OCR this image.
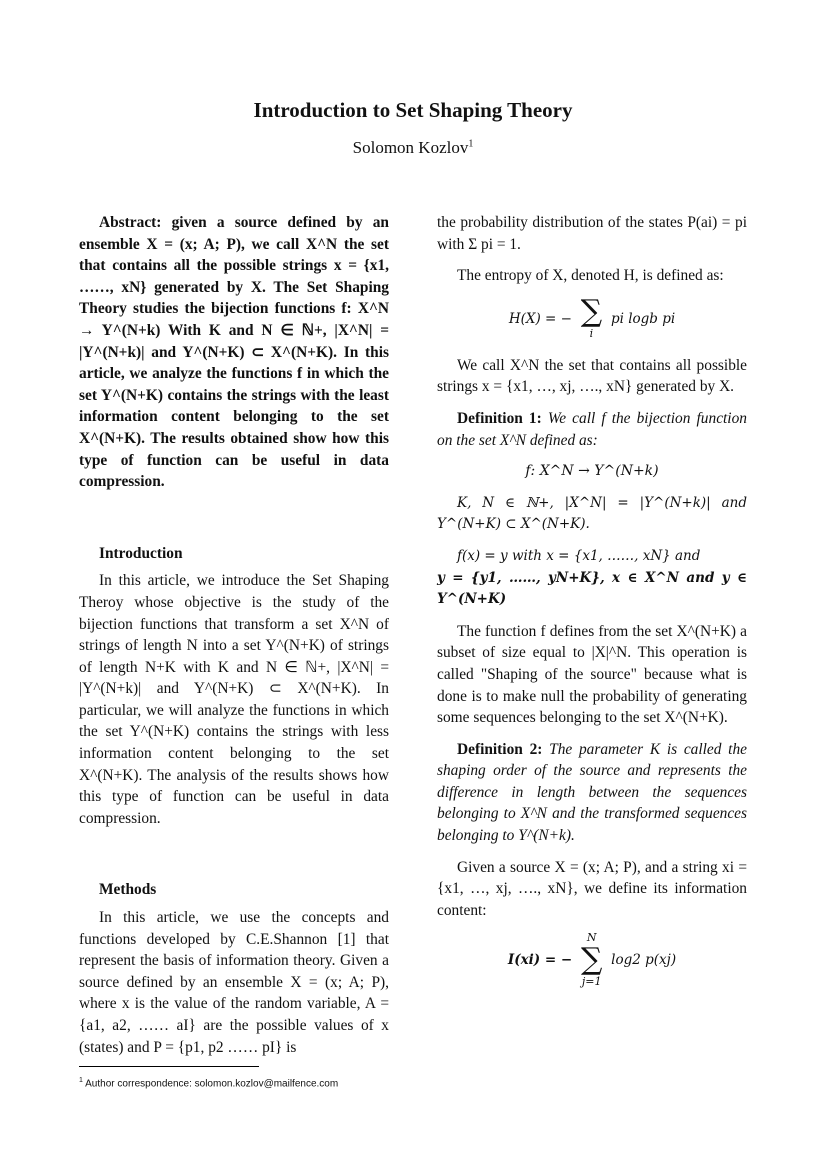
Introduction to Set Shaping Theory
Solomon Kozlov$^1$

Abstract: given a source defined by an ensemble X = (x; A; P), we call X^N the set that contains all the possible strings x = {x1, ……, xN} generated by X. The Set Shaping Theory studies the bijection functions f: X^N → Y^(N+k) With K and N ∈ ℕ+, |X^N| = |Y^(N+k)| and Y^(N+K) ⊂ X^(N+K). In this article, we analyze the functions f in which the set Y^(N+K) contains the strings with the least information content belonging to the set X^(N+K). The results obtained show how this type of function can be useful in data compression.

Introduction

In this article, we introduce the Set Shaping Theroy whose objective is the study of the bijection functions that transform a set X^N of strings of length N into a set Y^(N+K) of strings of length N+K with K and N ∈ ℕ+, |X^N| = |Y^(N+k)| and Y^(N+K) ⊂ X^(N+K). In particular, we will analyze the functions in which the set Y^(N+K) contains the strings with less information content belonging to the set X^(N+K). The analysis of the results shows how this type of function can be useful in data compression.

Methods

In this article, we use the concepts and functions developed by C.E.Shannon [1] that represent the basis of information theory. Given a source defined by an ensemble X = (x; A; P), where x is the value of the random variable, A = {a1, a2, …… aI} are the possible values of x (states) and P = {p1, p2 …… pI} is

the probability distribution of the states P(ai) = pi with Σ pi = 1.

The entropy of X, denoted H, is defined as:

H(X) = − ∑
i
pi logb pi

We call X^N the set that contains all possible strings x = {x1, …, xj, …., xN} generated by X.

Definition 1: We call f the bijection function on the set X^N defined as:

f: X^N → Y^(N+k)

K, N ∈ ℕ+, |X^N| = |Y^(N+k)| and Y^(N+K) ⊂ X^(N+K).

f(x) = y with x = {x1, ……, xN} and

y = {y1, ……, yN+K}, x ∈ X^N and y ∈ Y^(N+K)

The function f defines from the set X^(N+K) a subset of size equal to |X|^N. This operation is called "Shaping of the source" because what is done is to make null the probability of generating some sequences belonging to the set X^(N+K).

Definition 2: The parameter K is called the shaping order of the source and represents the difference in length between the sequences belonging to X^N and the transformed sequences belonging to Y^(N+k).

Given a source X = (x; A; P), and a string xi = {x1, …, xj, …., xN}, we define its information content:

I(xi) = −
N
∑
j=1
log2 p(xj)
$^1$ Author correspondence: solomon.kozlov@mailfence.com
